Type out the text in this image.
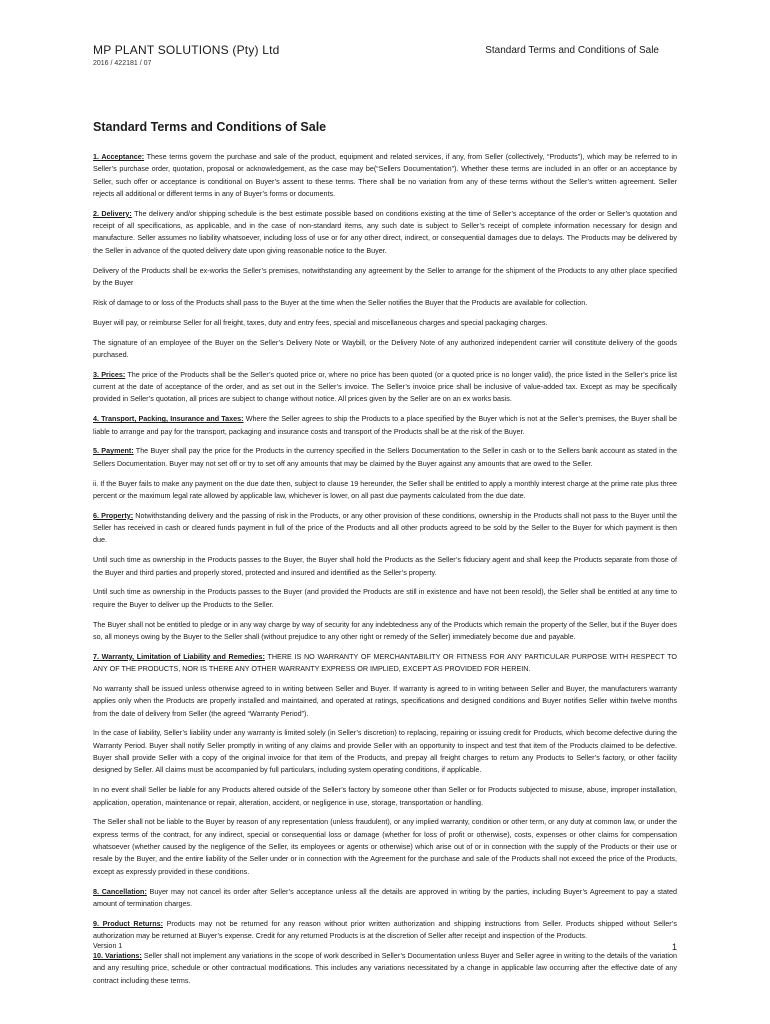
MP PLANT SOLUTIONS (Pty) Ltd
2016 / 422181 / 07
Standard Terms and Conditions of Sale
Standard Terms and Conditions of Sale

1. Acceptance: These terms govern the purchase and sale of the product, equipment and related services, if any, from Seller (collectively, “Products”), which may be referred to in Seller’s purchase order, quotation, proposal or acknowledgement, as the case may be(“Sellers Documentation”). Whether these terms are included in an offer or an acceptance by Seller, such offer or acceptance is conditional on Buyer’s assent to these terms. There shall be no variation from any of these terms without the Seller’s written agreement. Seller rejects all additional or different terms in any of Buyer’s forms or documents.

2. Delivery: The delivery and/or shipping schedule is the best estimate possible based on conditions existing at the time of Seller’s acceptance of the order or Seller’s quotation and receipt of all specifications, as applicable, and in the case of non-standard items, any such date is subject to Seller’s receipt of complete information necessary for design and manufacture. Seller assumes no liability whatsoever, including loss of use or for any other direct, indirect, or consequential damages due to delays. The Products may be delivered by the Seller in advance of the quoted delivery date upon giving reasonable notice to the Buyer.

Delivery of the Products shall be ex-works the Seller’s premises, notwithstanding any agreement by the Seller to arrange for the shipment of the Products to any other place specified by the Buyer

Risk of damage to or loss of the Products shall pass to the Buyer at the time when the Seller notifies the Buyer that the Products are available for collection.

Buyer will pay, or reimburse Seller for all freight, taxes, duty and entry fees, special and miscellaneous charges and special packaging charges.

The signature of an employee of the Buyer on the Seller’s Delivery Note or Waybill, or the Delivery Note of any authorized independent carrier will constitute delivery of the goods purchased.

3. Prices: The price of the Products shall be the Seller’s quoted price or, where no price has been quoted (or a quoted price is no longer valid), the price listed in the Seller’s price list current at the date of acceptance of the order, and as set out in the Seller’s invoice. The Seller’s invoice price shall be inclusive of value-added tax. Except as may be specifically provided in Seller’s quotation, all prices are subject to change without notice. All prices given by the Seller are on an ex works basis.

4. Transport, Packing, Insurance and Taxes: Where the Seller agrees to ship the Products to a place specified by the Buyer which is not at the Seller’s premises, the Buyer shall be liable to arrange and pay for the transport, packaging and insurance costs and transport of the Products shall be at the risk of the Buyer.

5. Payment: The Buyer shall pay the price for the Products in the currency specified in the Sellers Documentation to the Seller in cash or to the Sellers bank account as stated in the Sellers Documentation. Buyer may not set off or try to set off any amounts that may be claimed by the Buyer against any amounts that are owed to the Seller.

ii. If the Buyer fails to make any payment on the due date then, subject to clause 19 hereunder, the Seller shall be entitled to apply a monthly interest charge at the prime rate plus three percent or the maximum legal rate allowed by applicable law, whichever is lower, on all past due payments calculated from the due date.

6. Property: Notwithstanding delivery and the passing of risk in the Products, or any other provision of these conditions, ownership in the Products shall not pass to the Buyer until the Seller has received in cash or cleared funds payment in full of the price of the Products and all other products agreed to be sold by the Seller to the Buyer for which payment is then due.

Until such time as ownership in the Products passes to the Buyer, the Buyer shall hold the Products as the Seller’s fiduciary agent and shall keep the Products separate from those of the Buyer and third parties and properly stored, protected and insured and identified as the Seller’s property.

Until such time as ownership in the Products passes to the Buyer (and provided the Products are still in existence and have not been resold), the Seller shall be entitled at any time to require the Buyer to deliver up the Products to the Seller.

The Buyer shall not be entitled to pledge or in any way charge by way of security for any indebtedness any of the Products which remain the property of the Seller, but if the Buyer does so, all moneys owing by the Buyer to the Seller shall (without prejudice to any other right or remedy of the Seller) immediately become due and payable.

7. Warranty, Limitation of Liability and Remedies: THERE IS NO WARRANTY OF MERCHANTABILITY OR FITNESS FOR ANY PARTICULAR PURPOSE WITH RESPECT TO ANY OF THE PRODUCTS, NOR IS THERE ANY OTHER WARRANTY EXPRESS OR IMPLIED, EXCEPT AS PROVIDED FOR HEREIN.

No warranty shall be issued unless otherwise agreed to in writing between Seller and Buyer. If warranty is agreed to in writing between Seller and Buyer, the manufacturers warranty applies only when the Products are properly installed and maintained, and operated at ratings, specifications and designed conditions and Buyer notifies Seller within twelve months from the date of delivery from Seller (the agreed “Warranty Period”).

In the case of liability, Seller’s liability under any warranty is limited solely (in Seller’s discretion) to replacing, repairing or issuing credit for Products, which become defective during the Warranty Period. Buyer shall notify Seller promptly in writing of any claims and provide Seller with an opportunity to inspect and test that item of the Products claimed to be defective. Buyer shall provide Seller with a copy of the original invoice for that item of the Products, and prepay all freight charges to return any Products to Seller’s factory, or other facility designed by Seller. All claims must be accompanied by full particulars, including system operating conditions, if applicable.

In no event shall Seller be liable for any Products altered outside of the Seller’s factory by someone other than Seller or for Products subjected to misuse, abuse, improper installation, application, operation, maintenance or repair, alteration, accident, or negligence in use, storage, transportation or handling.

The Seller shall not be liable to the Buyer by reason of any representation (unless fraudulent), or any implied warranty, condition or other term, or any duty at common law, or under the express terms of the contract, for any indirect, special or consequential loss or damage (whether for loss of profit or otherwise), costs, expenses or other claims for compensation whatsoever (whether caused by the negligence of the Seller, its employees or agents or otherwise) which arise out of or in connection with the supply of the Products or their use or resale by the Buyer, and the entire liability of the Seller under or in connection with the Agreement for the purchase and sale of the Products shall not exceed the price of the Products, except as expressly provided in these conditions.

8. Cancellation: Buyer may not cancel its order after Seller’s acceptance unless all the details are approved in writing by the parties, including Buyer’s Agreement to pay a stated amount of termination charges.

9. Product Returns: Products may not be returned for any reason without prior written authorization and shipping instructions from Seller. Products shipped without Seller’s authorization may be returned at Buyer’s expense. Credit for any returned Products is at the discretion of Seller after receipt and inspection of the Products.

10. Variations: Seller shall not implement any variations in the scope of work described in Seller’s Documentation unless Buyer and Seller agree in writing to the details of the variation and any resulting price, schedule or other contractual modifications. This includes any variations necessitated by a change in applicable law occurring after the effective date of any contract including these terms.

Version 1	1
